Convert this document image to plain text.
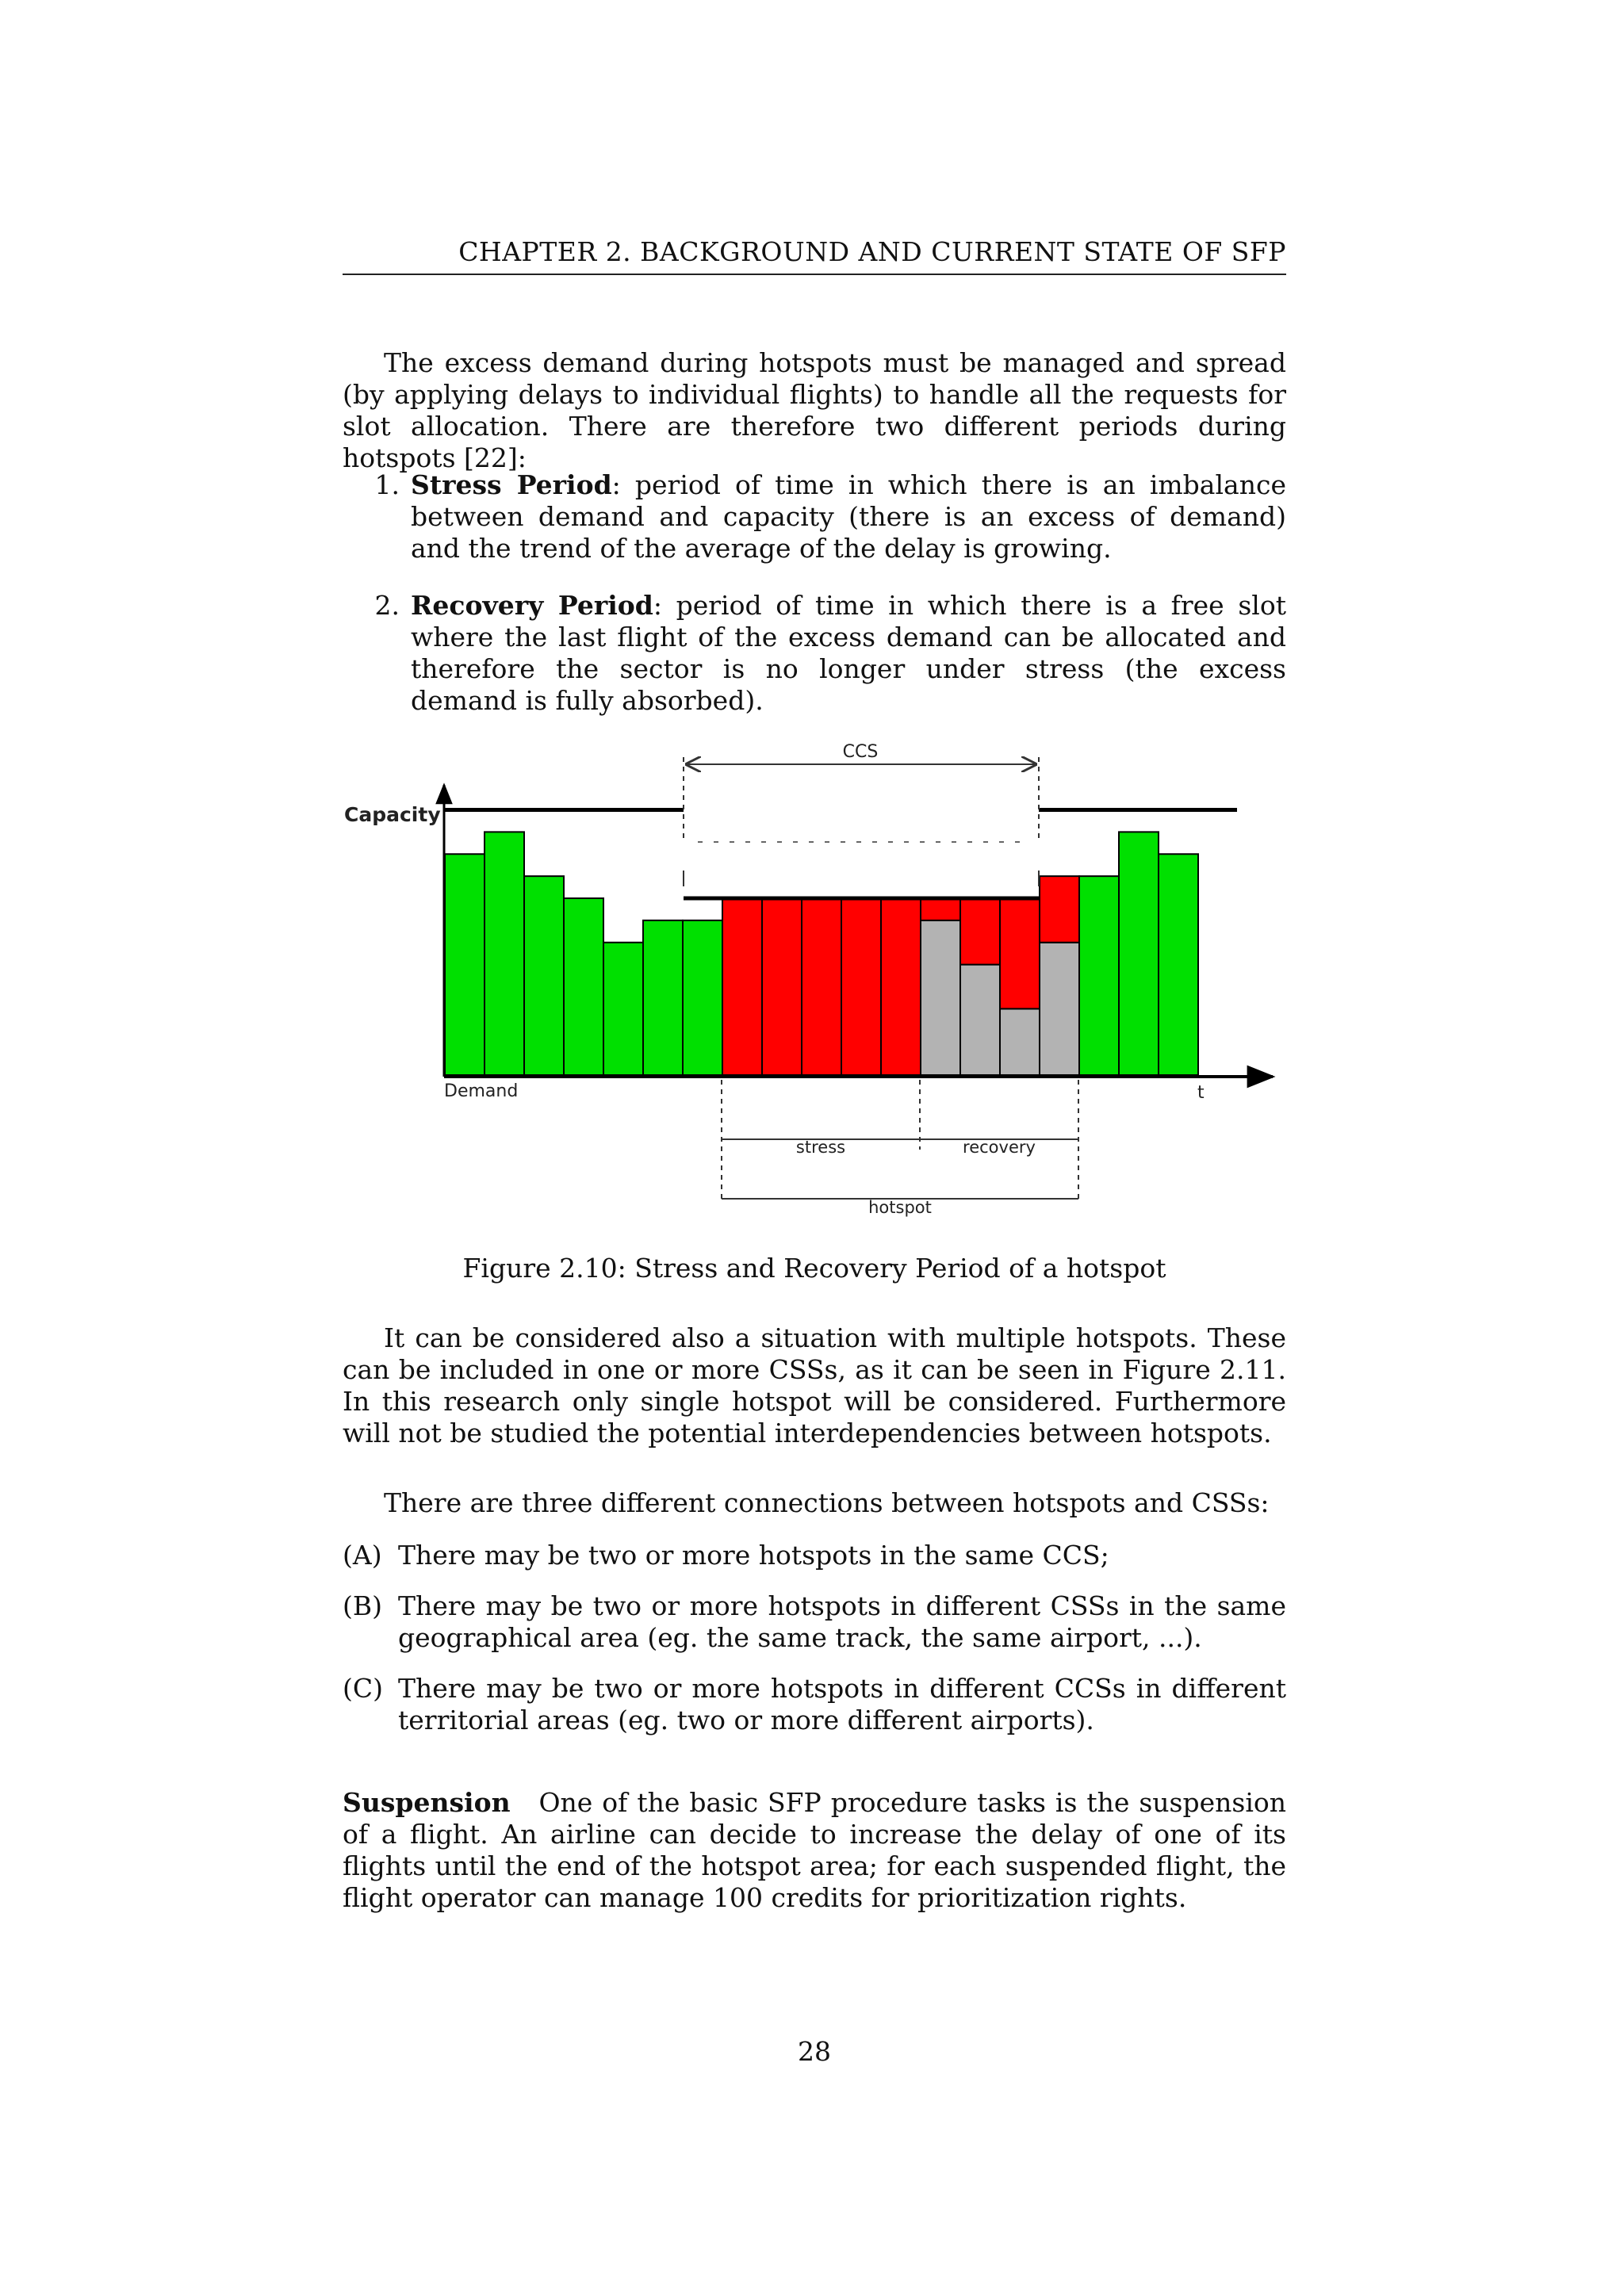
CHAPTER 2. BACKGROUND AND CURRENT STATE OF SFP
The excess demand during hotspots must be managed and spread (by applying delays to individual flights) to handle all the requests for slot allocation. There are therefore two different periods during hotspots [22]:
1. Stress Period: period of time in which there is an imbalance between demand and capacity (there is an excess of demand) and the trend of the average of the delay is growing.
2. Recovery Period: period of time in which there is a free slot where the last flight of the excess demand can be allocated and therefore the sector is no longer under stress (the excess demand is fully absorbed).
CCS
Capacity
Demand	t
stress	recovery
hotspot
Figure 2.10: Stress and Recovery Period of a hotspot
It can be considered also a situation with multiple hotspots. These can be included in one or more CSSs, as it can be seen in Figure 2.11. In this research only single hotspot will be considered. Furthermore will not be studied the potential interdependencies between hotspots.
There are three different connections between hotspots and CSSs:
(A) There may be two or more hotspots in the same CCS;
(B) There may be two or more hotspots in different CSSs in the same geographical area (eg. the same track, the same airport, ...).
(C) There may be two or more hotspots in different CCSs in different territorial areas (eg. two or more different airports).
Suspension One of the basic SFP procedure tasks is the suspension of a flight. An airline can decide to increase the delay of one of its flights until the end of the hotspot area; for each suspended flight, the flight operator can manage 100 credits for prioritization rights.
28
